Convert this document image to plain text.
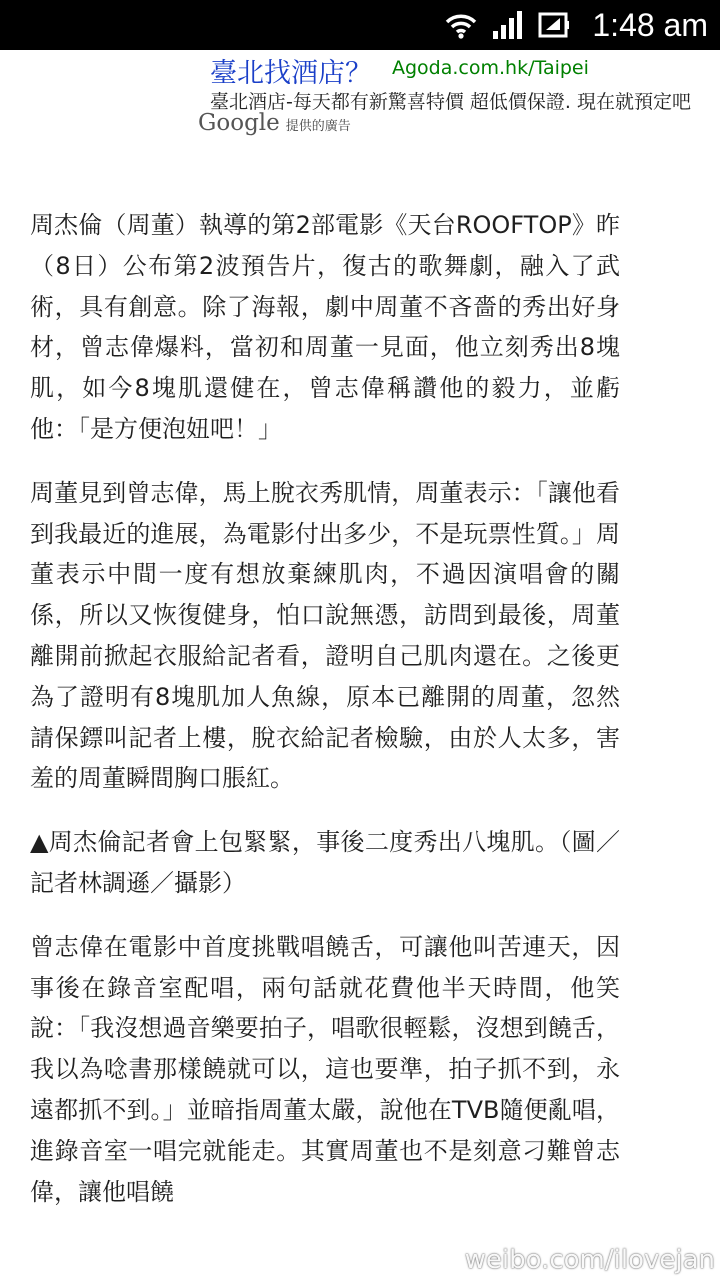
1:48 am
臺北找酒店？ Agoda.com.hk/Taipei
臺北酒店-每天都有新驚喜特價 超低價保證. 現在就預定吧
Google 提供的廣告

周杰倫（周董）執導的第2部電影《天台ROOFTOP》昨（8日）公布第2波預告片，復古的歌舞劇，融入了武術，具有創意。除了海報，劇中周董不吝嗇的秀出好身材，曾志偉爆料，當初和周董一見面，他立刻秀出8塊肌，如今8塊肌還健在，曾志偉稱讚他的毅力，並虧他：「是方便泡妞吧！」

周董見到曾志偉，馬上脫衣秀肌情，周董表示：「讓他看到我最近的進展，為電影付出多少，不是玩票性質。」周董表示中間一度有想放棄練肌肉，不過因演唱會的關係，所以又恢復健身，怕口說無憑，訪問到最後，周董離開前掀起衣服給記者看，證明自己肌肉還在。之後更為了證明有8塊肌加人魚線，原本已離開的周董，忽然請保鏢叫記者上樓，脫衣給記者檢驗，由於人太多，害羞的周董瞬間胸口脹紅。

▲周杰倫記者會上包緊緊，事後二度秀出八塊肌。（圖／記者林調遜／攝影）

曾志偉在電影中首度挑戰唱饒舌，可讓他叫苦連天，因事後在錄音室配唱，兩句話就花費他半天時間，他笑說：「我沒想過音樂要拍子，唱歌很輕鬆，沒想到饒舌，我以為唸書那樣饒就可以，這也要準，拍子抓不到，永遠都抓不到。」並暗指周董太嚴，說他在TVB隨便亂唱，進錄音室一唱完就能走。其實周董也不是刻意刁難曾志偉，讓他唱饒

weibo.com/ilovejan
